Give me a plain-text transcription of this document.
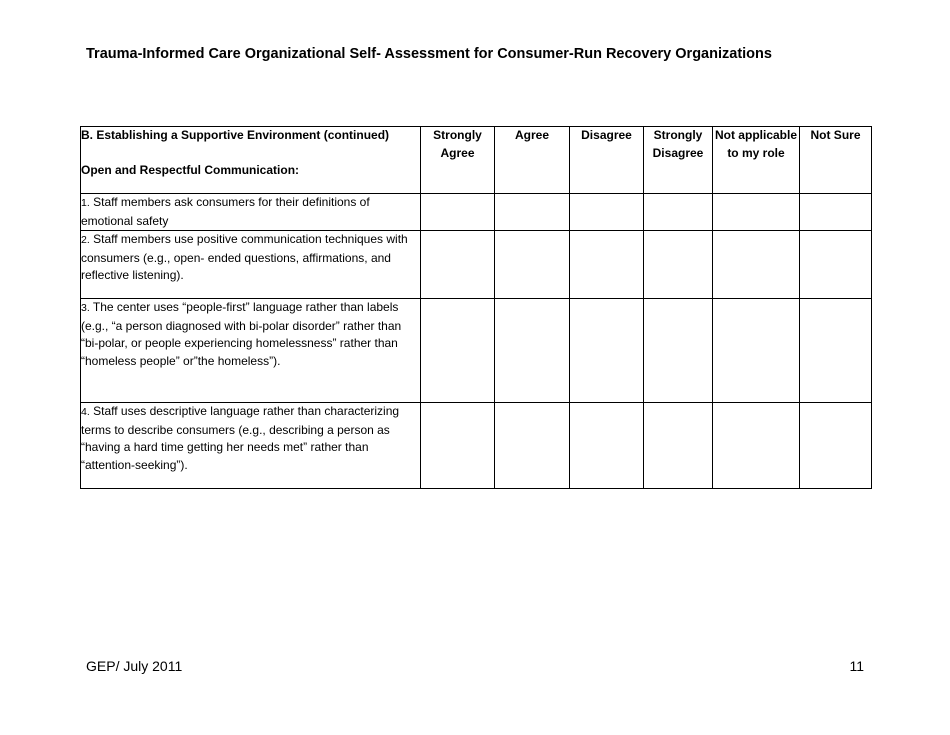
Trauma-Informed Care Organizational Self- Assessment for Consumer-Run Recovery Organizations
B. Establishing a Supportive Environment (continued)
Open and Respectful Communication:	Strongly Agree	Agree	Disagree	Strongly Disagree	Not applicable to my role	Not Sure
1. Staff members ask consumers for their definitions of emotional safety						
2. Staff members use positive communication techniques with consumers (e.g., open- ended questions, affirmations, and reflective listening).						
3. The center uses “people-first” language rather than labels (e.g., “a person diagnosed with bi-polar disorder” rather than “bi-polar, or people experiencing homelessness” rather than “homeless people” or”the homeless”).						
4. Staff uses descriptive language rather than characterizing terms to describe consumers (e.g., describing a person as “having a hard time getting her needs met” rather than “attention-seeking”).						
GEP/ July 2011	11
